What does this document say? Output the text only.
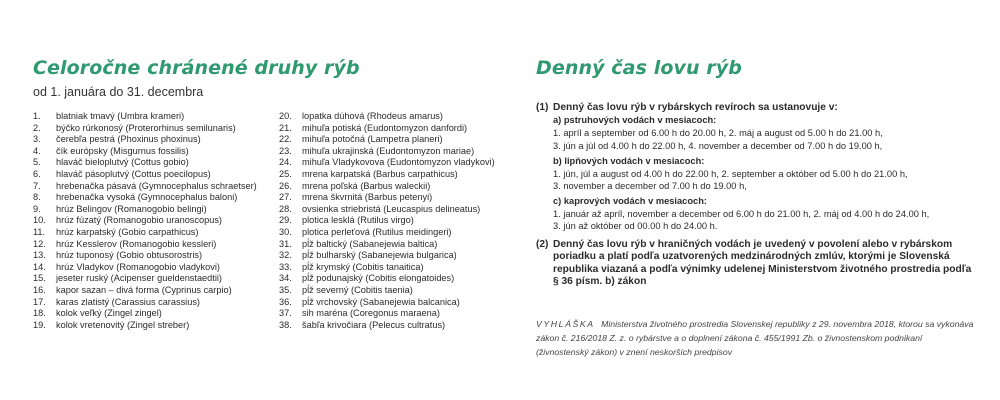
Celoročne chránené druhy rýb
od 1. januára do 31. decembra
1. blatniak tmavý (Umbra krameri)
2. býčko rúrkonosý (Proterorhinus semilunaris)
3. čerebľa pestrá (Phoxinus phoxinus)
4. čík európsky (Misgurnus fossilis)
5. hlaváč bieloplutvý (Cottus gobio)
6. hlaváč pásoplutvý (Cottus poecilopus)
7. hrebenačka pásavá (Gymnocephalus schraetser)
8. hrebenačka vysoká (Gymnocephalus baloni)
9. hrúz Belingov (Romanogobio belingi)
10. hrúz fúzatý (Romanogobio uranoscopus)
11. hrúz karpatský (Gobio carpathicus)
12. hrúz Kesslerov (Romanogobio kessleri)
13. hrúz tuponosý (Gobio obtusorostris)
14. hrúz Vladykov (Romanogobio vladykovi)
15. jeseter ruský (Acipenser gueldenstaedtii)
16. kapor sazan – divá forma (Cyprinus carpio)
17. karas zlatistý (Carassius carassius)
18. kolok veľký (Zingel zingel)
19. kolok vretenovitý (Zingel streber)
20. lopatka dúhová (Rhodeus amarus)
21. mihuľa potiská (Eudontomyzon danfordi)
22. mihuľa potočná (Lampetra planeri)
23. mihuľa ukrajinská (Eudontomyzon mariae)
24. mihuľa Vladykovova (Eudontomyzon vladykovi)
25. mrena karpatská (Barbus carpathicus)
26. mrena poľská (Barbus waleckii)
27. mrena škvrnitá (Barbus petenyi)
28. ovsienka striebristá (Leucaspius delineatus)
29. plotica lesklá (Rutilus virgo)
30. plotica perleťová (Rutilus meidingeri)
31. pĺž baltický (Sabanejewia baltica)
32. pĺž bulharský (Sabanejewia bulgarica)
33. pĺž krymský (Cobitis tanaitica)
34. pĺž podunajský (Cobitis elongatoides)
35. pĺž severný (Cobitis taenia)
36. pĺž vrchovský (Sabanejewia balcanica)
37. sih maréna (Coregonus maraena)
38. šabľa krivočiara (Pelecus cultratus)
Denný čas lovu rýb
(1) Denný čas lovu rýb v rybárskych revíroch sa ustanovuje v:
a) pstruhových vodách v mesiacoch:
1. apríl a september od 6.00 h do 20.00 h, 2. máj a august od 5.00 h do 21.00 h,
3. jún a júl od 4.00 h do 22.00 h, 4. november a december od 7.00 h do 19.00 h,
b) lipňových vodách v mesiacoch:
1. jún, júl a august od 4.00 h do 22.00 h, 2. september a október od 5.00 h do 21.00 h,
3. november a december od 7.00 h do 19.00 h,
c) kaprových vodách v mesiacoch:
1. január až apríl, november a december od 6.00 h do 21.00 h, 2. máj od 4.00 h do 24.00 h,
3. jún až október od 00.00 h do 24.00 h.
(2) Denný čas lovu rýb v hraničných vodách je uvedený v povolení alebo v rybárskom poriadku a platí podľa uzatvorených medzinárodných zmlúv, ktorými je Slovenská republika viazaná a podľa výnimky udelenej Ministerstvom životného prostredia podľa § 36 písm. b) zákon
VYHLÁŠKA Ministerstva životného prostredia Slovenskej republiky z 29. novembra 2018, ktorou sa vykonáva zákon č. 216/2018 Z. z. o rybárstve a o doplnení zákona č. 455/1991 Zb. o živnostenskom podnikaní (živnostenský zákon) v znení neskorších predpisov
